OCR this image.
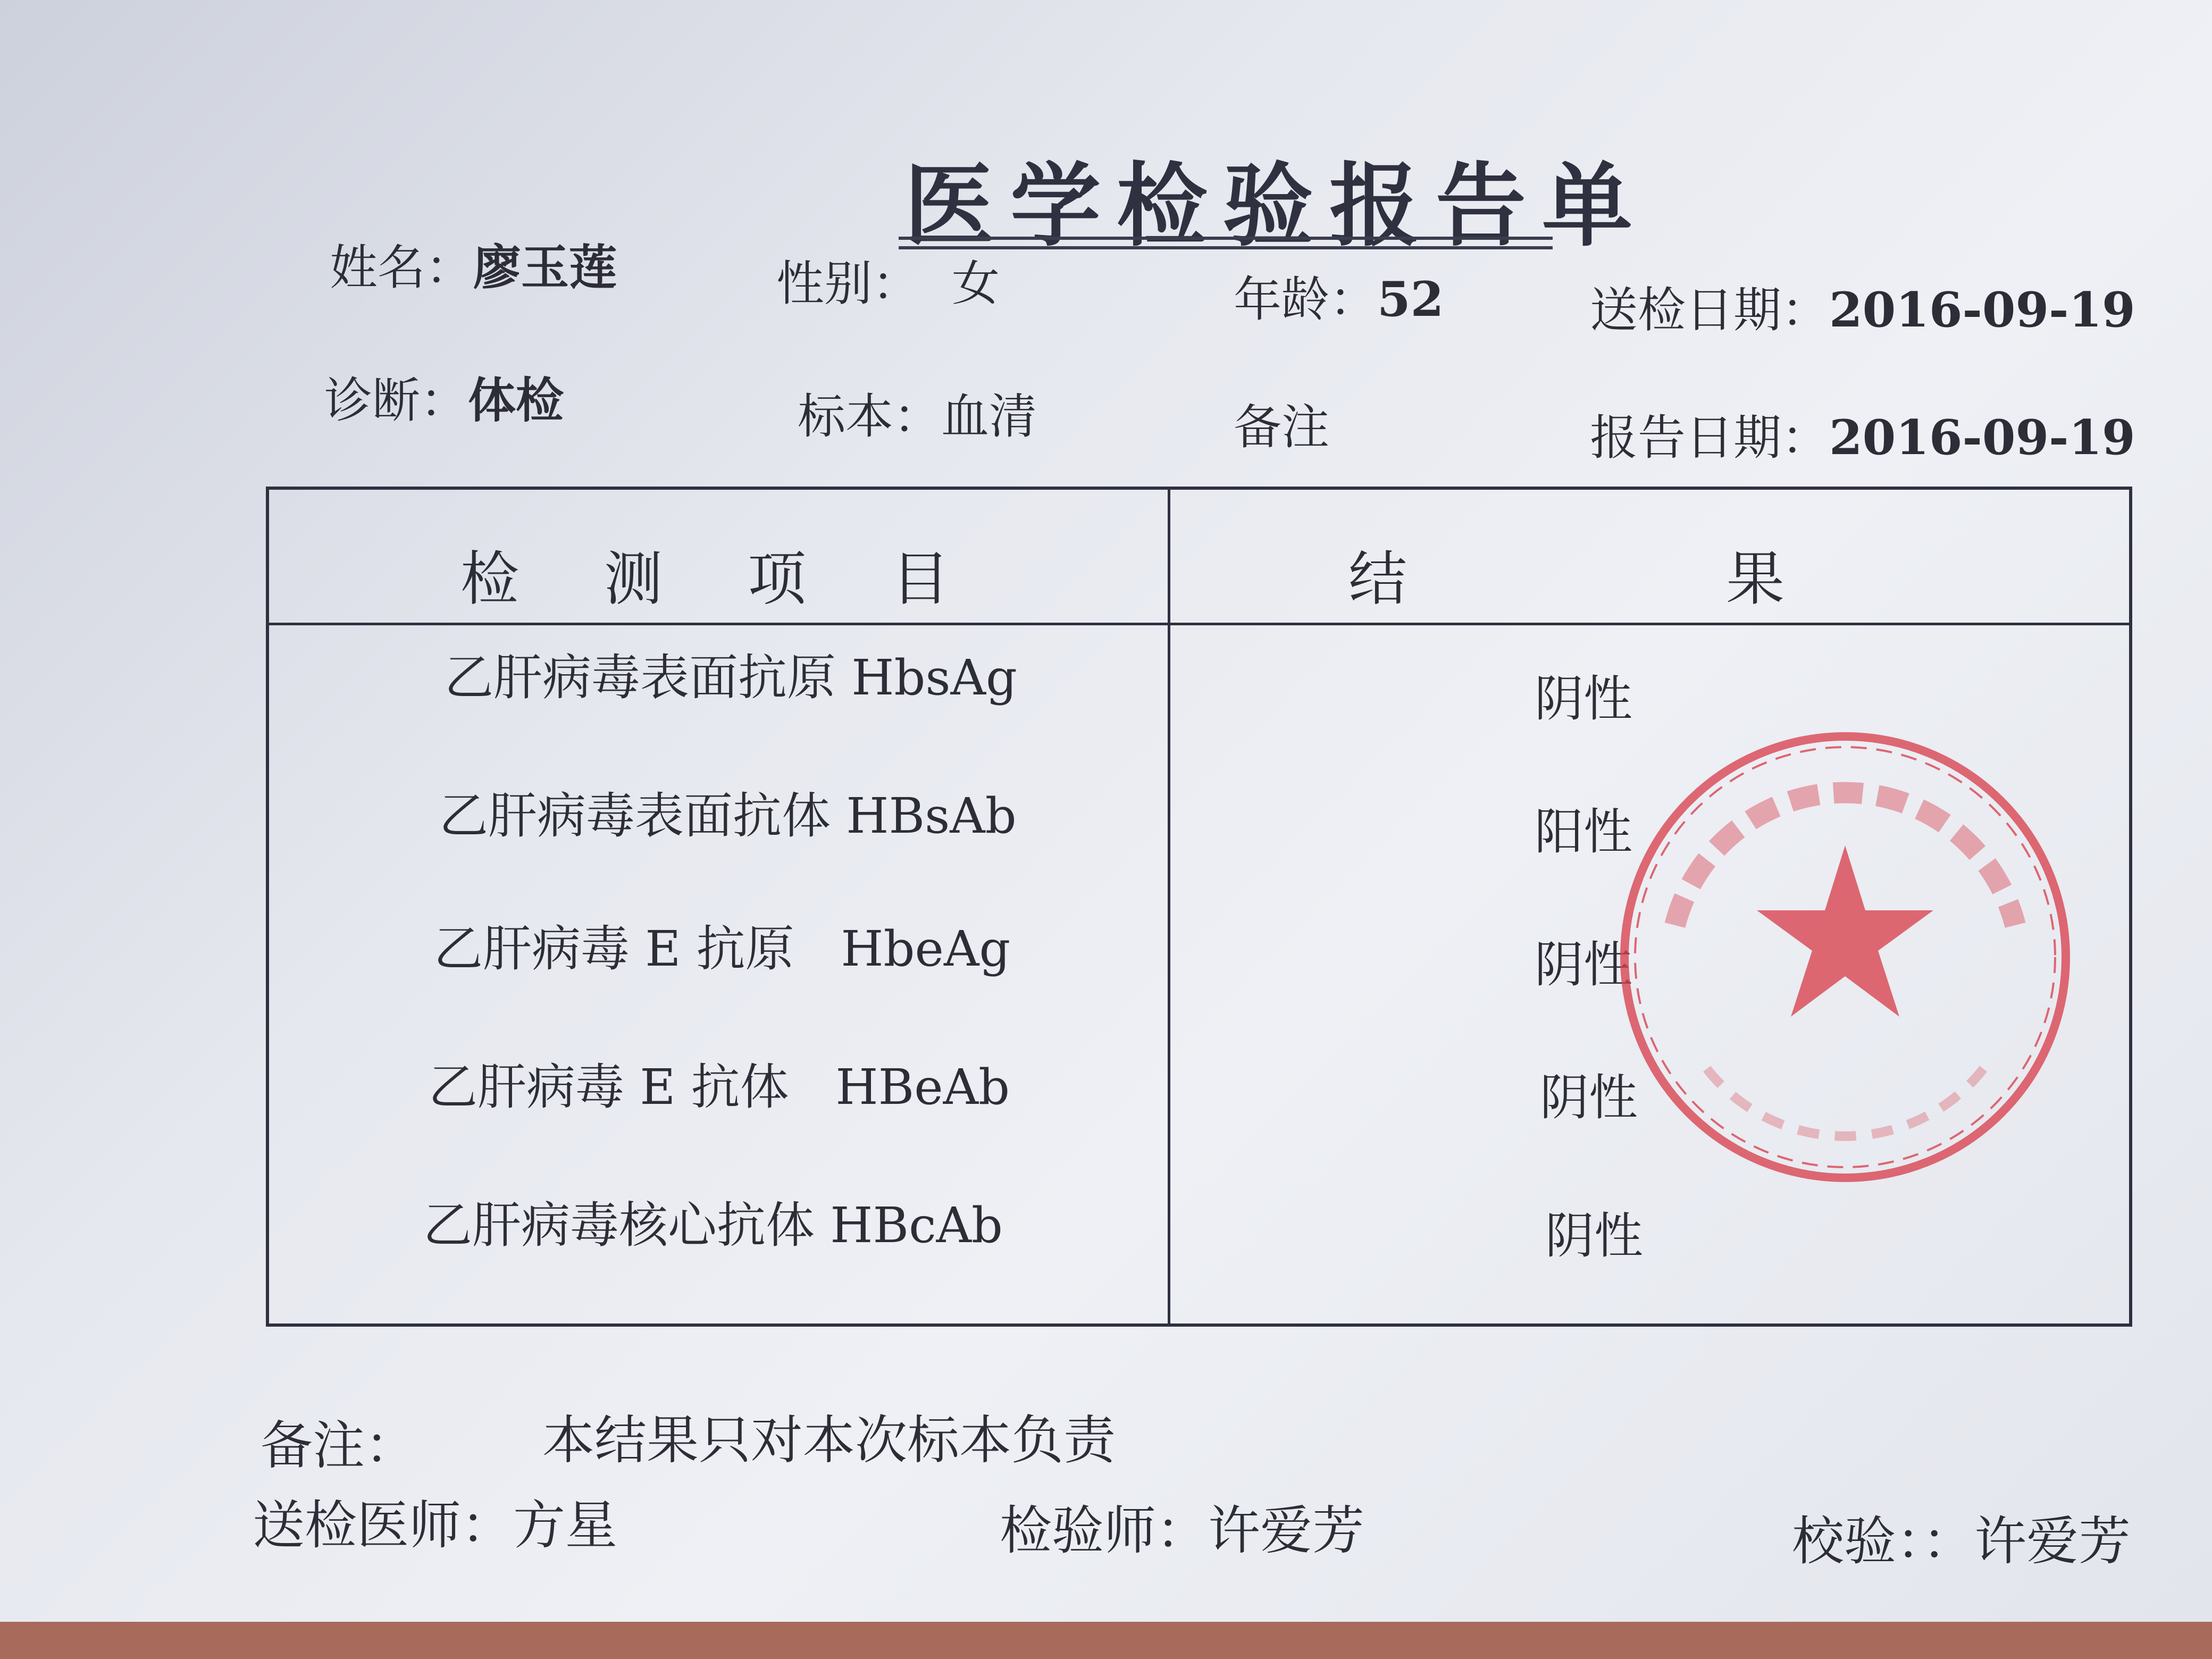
医学检验报告单
姓名：廖玉莲	性别： 女	年龄：52	送检日期：2016-09-19
诊断：体检	标本：血清	备注	报告日期：2016-09-19
检测项目	结果
乙肝病毒表面抗原 HbsAg	阴性
乙肝病毒表面抗体 HBsAb	阳性
乙肝病毒 E 抗原   HbeAg	阴性
乙肝病毒 E 抗体   HBeAb	阴性
乙肝病毒核心抗体 HBcAb	阴性
备注： 本结果只对本次标本负责
送检医师：方星	检验师：许爱芳	校验：：许爱芳
